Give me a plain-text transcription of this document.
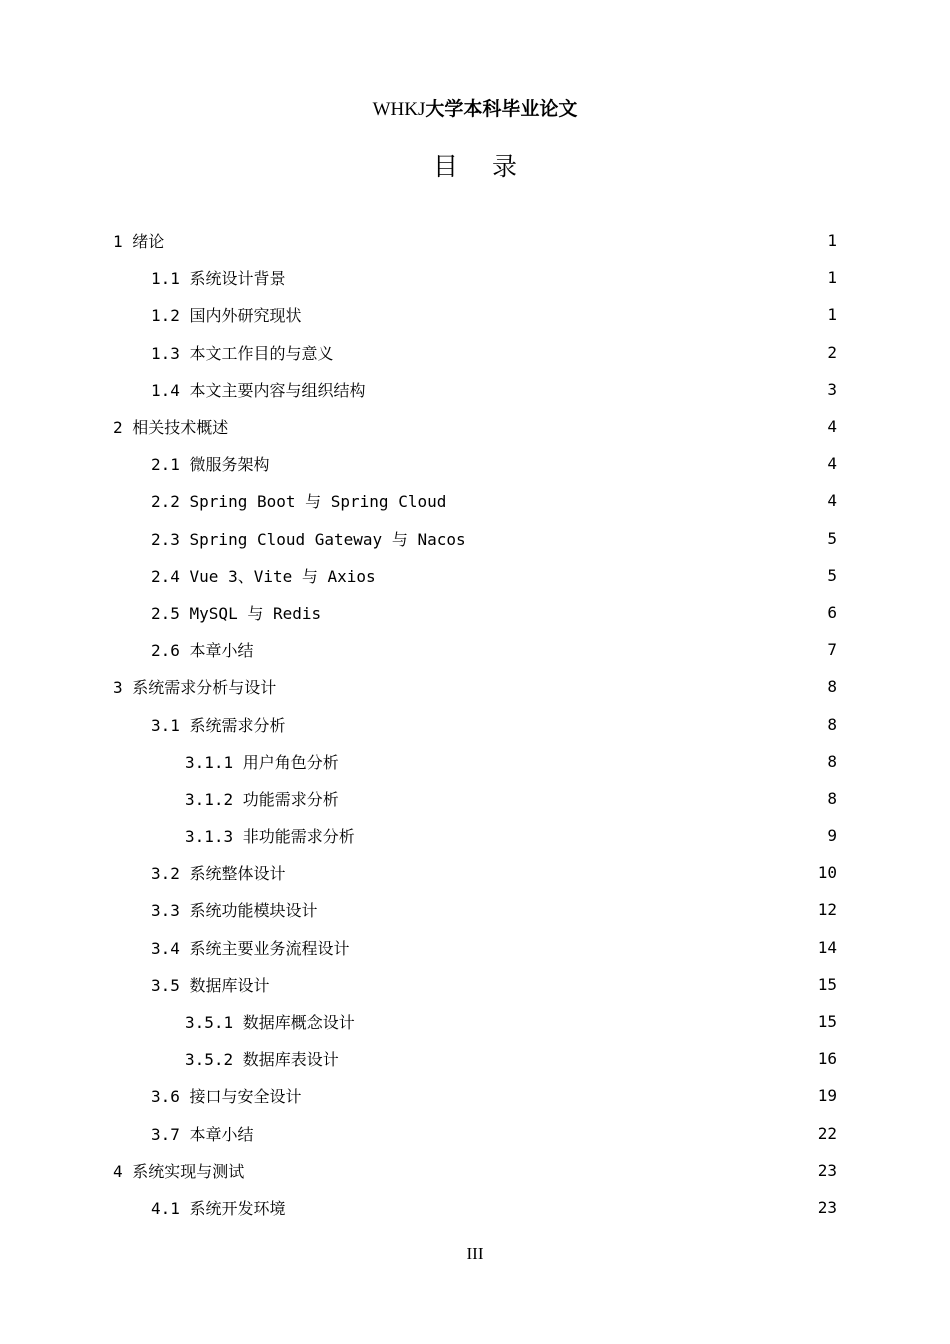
WHKJ大学本科毕业论文
目录
1 绪论	1
1.1 系统设计背景	1
1.2 国内外研究现状	1
1.3 本文工作目的与意义	2
1.4 本文主要内容与组织结构	3
2 相关技术概述	4
2.1 微服务架构	4
2.2 Spring Boot 与 Spring Cloud	4
2.3 Spring Cloud Gateway 与 Nacos	5
2.4 Vue 3、Vite 与 Axios	5
2.5 MySQL 与 Redis	6
2.6 本章小结	7
3 系统需求分析与设计	8
3.1 系统需求分析	8
3.1.1 用户角色分析	8
3.1.2 功能需求分析	8
3.1.3 非功能需求分析	9
3.2 系统整体设计	10
3.3 系统功能模块设计	12
3.4 系统主要业务流程设计	14
3.5 数据库设计	15
3.5.1 数据库概念设计	15
3.5.2 数据库表设计	16
3.6 接口与安全设计	19
3.7 本章小结	22
4 系统实现与测试	23
4.1 系统开发环境	23
III
